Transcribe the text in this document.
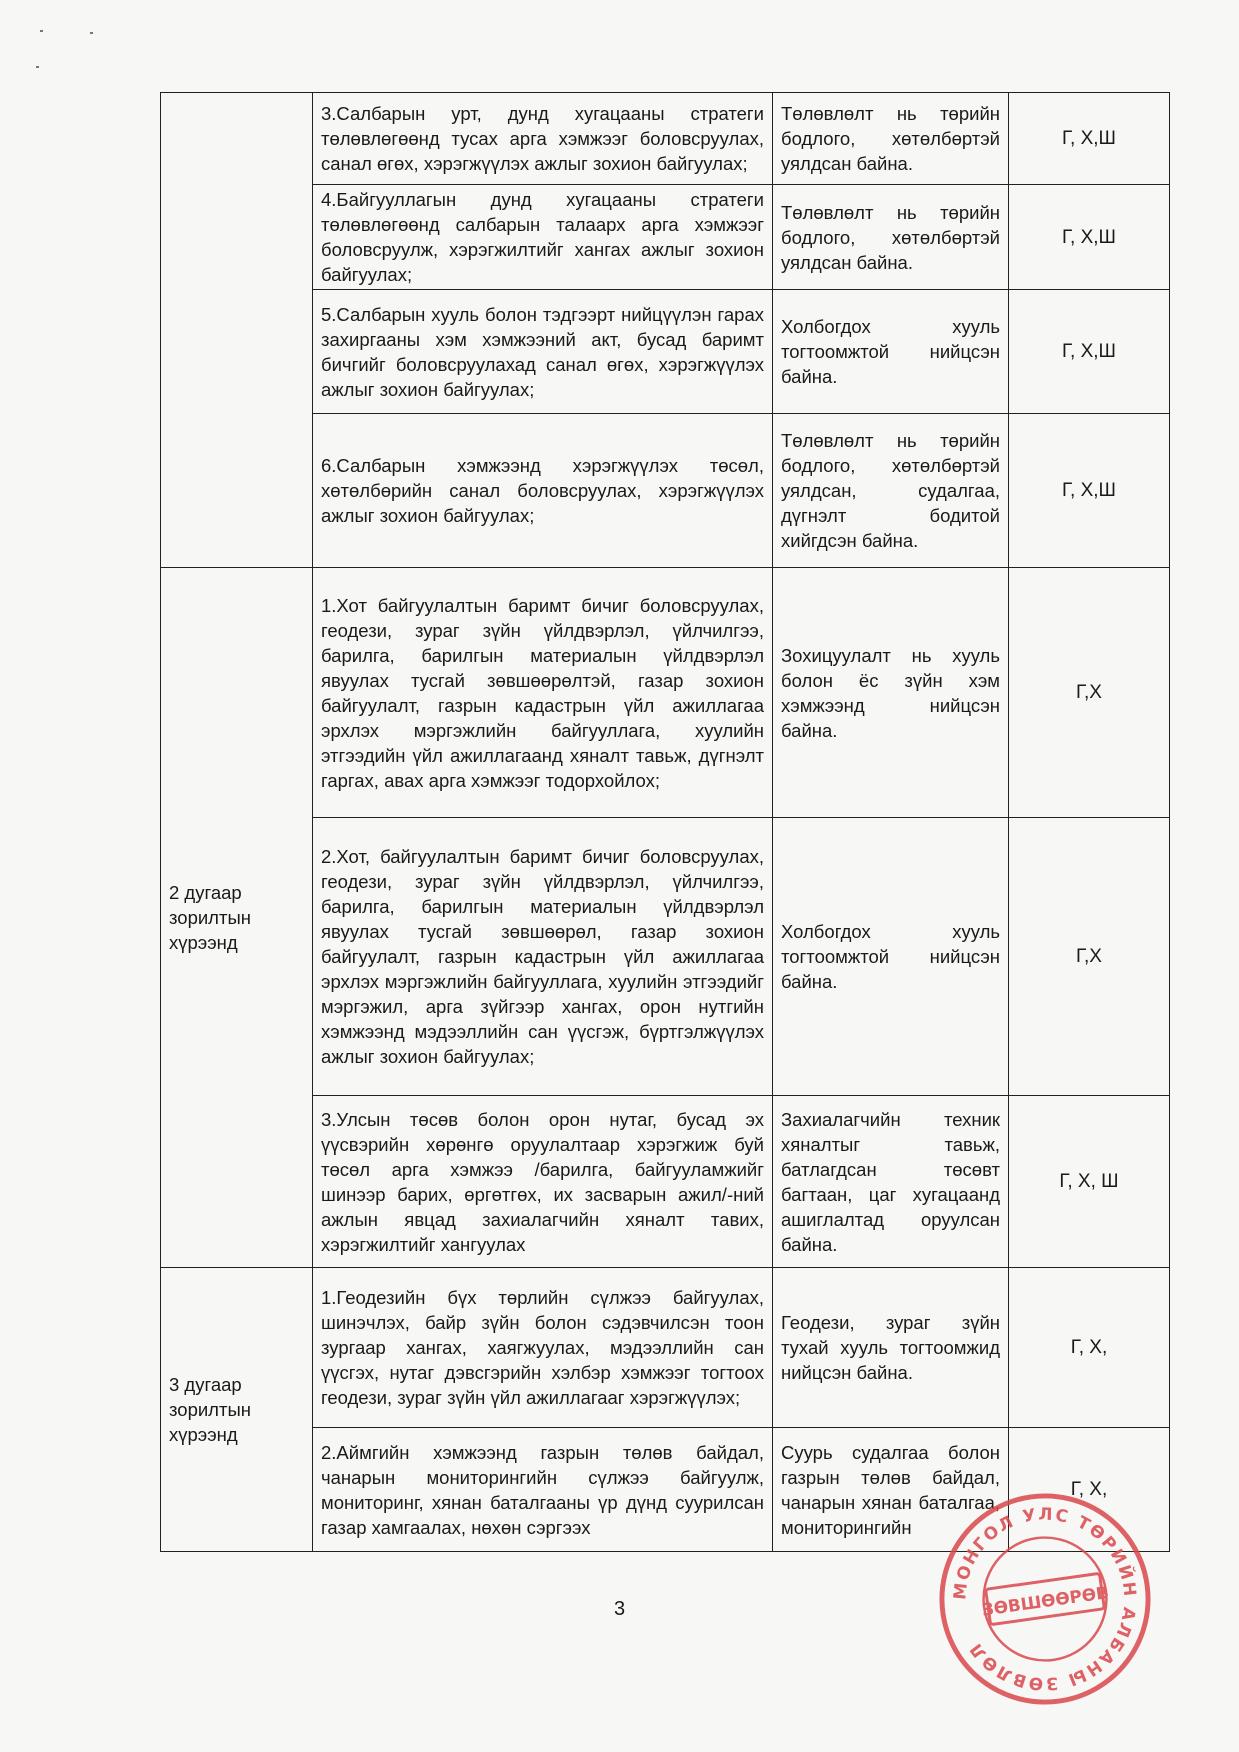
	3.Салбарын урт, дунд хугацааны стратеги төлөвлөгөөнд тусах арга хэмжээг боловсруулах, санал өгөх, хэрэгжүүлэх ажлыг зохион байгуулах;	Төлөвлөлт нь төрийн бодлого, хөтөлбөртэй уялдсан байна.	Г, Х,Ш
	4.Байгууллагын дунд хугацааны стратеги төлөвлөгөөнд салбарын талаарх арга хэмжээг боловсруулж, хэрэгжилтийг хангах ажлыг зохион байгуулах;	Төлөвлөлт нь төрийн бодлого, хөтөлбөртэй уялдсан байна.	Г, Х,Ш
	5.Салбарын хууль болон тэдгээрт нийцүүлэн гарах захиргааны хэм хэмжээний акт, бусад баримт бичгийг боловсруулахад санал өгөх, хэрэгжүүлэх ажлыг зохион байгуулах;	Холбогдох хууль тогтоомжтой нийцсэн байна.	Г, Х,Ш
	6.Салбарын хэмжээнд хэрэгжүүлэх төсөл, хөтөлбөрийн санал боловсруулах, хэрэгжүүлэх ажлыг зохион байгуулах;	Төлөвлөлт нь төрийн бодлого, хөтөлбөртэй уялдсан, судалгаа, дүгнэлт бодитой хийгдсэн байна.	Г, Х,Ш
2 дугаар зорилтын хүрээнд	1.Хот байгуулалтын баримт бичиг боловсруулах, геодези, зураг зүйн үйлдвэрлэл, үйлчилгээ, барилга, барилгын материалын үйлдвэрлэл явуулах тусгай зөвшөөрөлтэй, газар зохион байгуулалт, газрын кадастрын үйл ажиллагаа эрхлэх мэргэжлийн байгууллага, хуулийн этгээдийн үйл ажиллагаанд хяналт тавьж, дүгнэлт гаргах, авах арга хэмжээг тодорхойлох;	Зохицуулалт нь хууль болон ёс зүйн хэм хэмжээнд нийцсэн байна.	Г,Х
	2.Хот, байгуулалтын баримт бичиг боловсруулах, геодези, зураг зүйн үйлдвэрлэл, үйлчилгээ, барилга, барилгын материалын үйлдвэрлэл явуулах тусгай зөвшөөрөл, газар зохион байгуулалт, газрын кадастрын үйл ажиллагаа эрхлэх мэргэжлийн байгууллага, хуулийн этгээдийг мэргэжил, арга зүйгээр хангах, орон нутгийн хэмжээнд мэдээллийн сан үүсгэж, бүртгэлжүүлэх ажлыг зохион байгуулах;	Холбогдох хууль тогтоомжтой нийцсэн байна.	Г,Х
	3.Улсын төсөв болон орон нутаг, бусад эх үүсвэрийн хөрөнгө оруулалтаар хэрэгжиж буй төсөл арга хэмжээ /барилга, байгууламжийг шинээр барих, өргөтгөх, их засварын ажил/-ний ажлын явцад захиалагчийн хяналт тавих, хэрэгжилтийг хангуулах	Захиалагчийн техник хяналтыг тавьж, батлагдсан төсөвт багтаан, цаг хугацаанд ашиглалтад оруулсан байна.	Г, Х, Ш
3 дугаар зорилтын хүрээнд	1.Геодезийн бүх төрлийн сүлжээ байгуулах, шинэчлэх, байр зүйн болон сэдэвчилсэн тоон зургаар хангах, хаягжуулах, мэдээллийн сан үүсгэх, нутаг дэвсгэрийн хэлбэр хэмжээг тогтоох геодези, зураг зүйн үйл ажиллагааг хэрэгжүүлэх;	Геодези, зураг зүйн тухай хууль тогтоомжид нийцсэн байна.	Г, Х,
	2.Аймгийн хэмжээнд газрын төлөв байдал, чанарын мониторингийн сүлжээ байгуулж, мониторинг, хянан баталгааны үр дүнд суурилсан газар хамгаалах, нөхөн сэргээх	Суурь судалгаа болон газрын төлөв байдал, чанарын хянан баталгаа, мониторингийн	Г, Х,
3
МОНГОЛ УЛС ТӨРИЙН АЛБАНЫ ЗӨВЛӨЛ
ЗӨВШӨӨРӨВ
